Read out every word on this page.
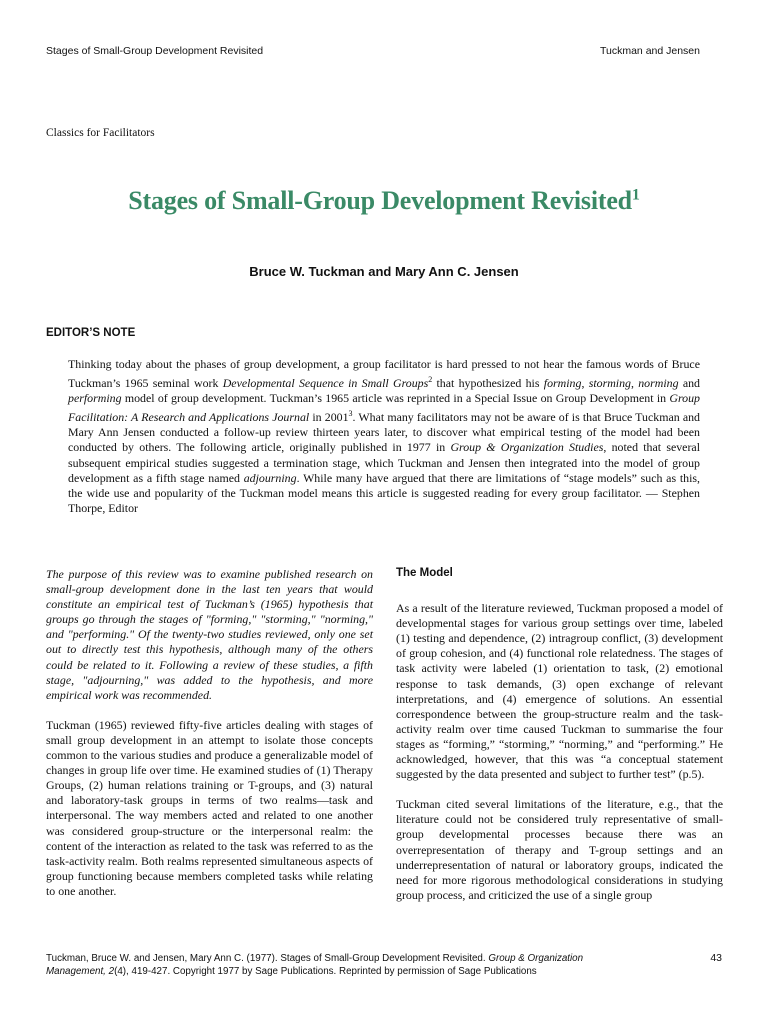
Stages of Small-Group Development Revisited	Tuckman and Jensen
Classics for Facilitators
Stages of Small-Group Development Revisited$^1$
Bruce W. Tuckman and Mary Ann C. Jensen
EDITOR’S NOTE

Thinking today about the phases of group development, a group facilitator is hard pressed to not hear the famous words of Bruce Tuckman’s 1965 seminal work Developmental Sequence in Small Groups$^2$ that hypothesized his forming, storming, norming and performing model of group development. Tuckman’s 1965 article was reprinted in a Special Issue on Group Development in Group Facilitation: A Research and Applications Journal in 2001$^3$. What many facilitators may not be aware of is that Bruce Tuckman and Mary Ann Jensen conducted a follow-up review thirteen years later, to discover what empirical testing of the model had been conducted by others. The following article, originally published in 1977 in Group & Organization Studies, noted that several subsequent empirical studies suggested a termination stage, which Tuckman and Jensen then integrated into the model of group development as a fifth stage named adjourning. While many have argued that there are limitations of “stage models” such as this, the wide use and popularity of the Tuckman model means this article is suggested reading for every group facilitator. — Stephen Thorpe, Editor

The purpose of this review was to examine published research on small-group development done in the last ten years that would constitute an empirical test of Tuckman’s (1965) hypothesis that groups go through the stages of "forming," "storming," "norming," and "performing." Of the twenty-two studies reviewed, only one set out to directly test this hypothesis, although many of the others could be related to it. Following a review of these studies, a fifth stage, "adjourning," was added to the hypothesis, and more empirical work was recommended.

Tuckman (1965) reviewed fifty-five articles dealing with stages of small group development in an attempt to isolate those concepts common to the various studies and produce a generalizable model of changes in group life over time. He examined studies of (1) Therapy Groups, (2) human relations training or T-groups, and (3) natural and laboratory-task groups in terms of two realms—task and interpersonal. The way members acted and related to one another was considered group-structure or the interpersonal realm: the content of the interaction as related to the task was referred to as the task-activity realm. Both realms represented simultaneous aspects of group functioning because members completed tasks while relating to one another.

The Model

As a result of the literature reviewed, Tuckman proposed a model of developmental stages for various group settings over time, labeled (1) testing and dependence, (2) intragroup conflict, (3) development of group cohesion, and (4) functional role relatedness. The stages of task activity were labeled (1) orientation to task, (2) emotional response to task demands, (3) open exchange of relevant interpretations, and (4) emergence of solutions. An essential correspondence between the group-structure realm and the task-activity realm over time caused Tuckman to summarise the four stages as “forming,” “storming,” “norming,” and “performing.” He acknowledged, however, that this was “a conceptual statement suggested by the data presented and subject to further test” (p.5).

Tuckman cited several limitations of the literature, e.g., that the literature could not be considered truly representative of small-group developmental processes because there was an overrepresentation of therapy and T-group settings and an underrepresentation of natural or laboratory groups, indicated the need for more rigorous methodological considerations in studying group process, and criticized the use of a single group

Tuckman, Bruce W. and Jensen, Mary Ann C. (1977). Stages of Small-Group Development Revisited. Group & Organization Management, 2(4), 419-427. Copyright 1977 by Sage Publications. Reprinted by permission of Sage Publications
43
